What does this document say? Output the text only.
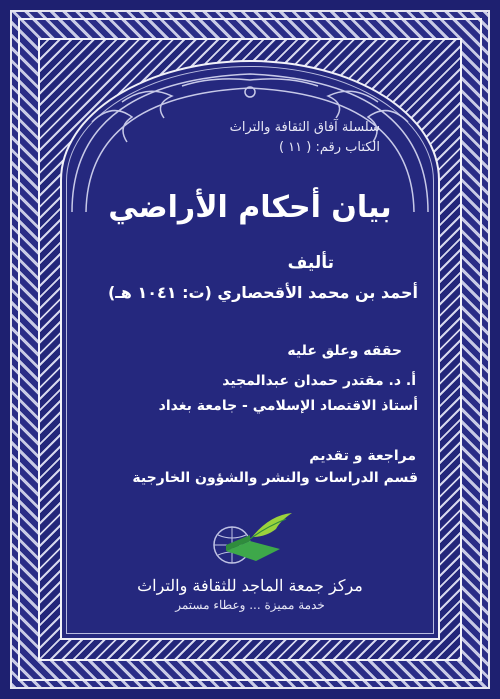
سلسلة آفاق الثقافة والتراث
الكتاب رقم: ( ١١ )
بيان أحكام الأراضي
تأليف
أحمد بن محمد الأقحصاري (ت: ١٠٤١ هـ)
حققه وعلق عليه
أ. د. مقتدر حمدان عبدالمجيد
أستاذ الاقتصاد الإسلامي - جامعة بغداد
مراجعة و تقديم
قسم الدراسات والنشر والشؤون الخارجية
مركز جمعة الماجد للثقافة والتراث
خدمة مميزة ... وعطاء مستمر
